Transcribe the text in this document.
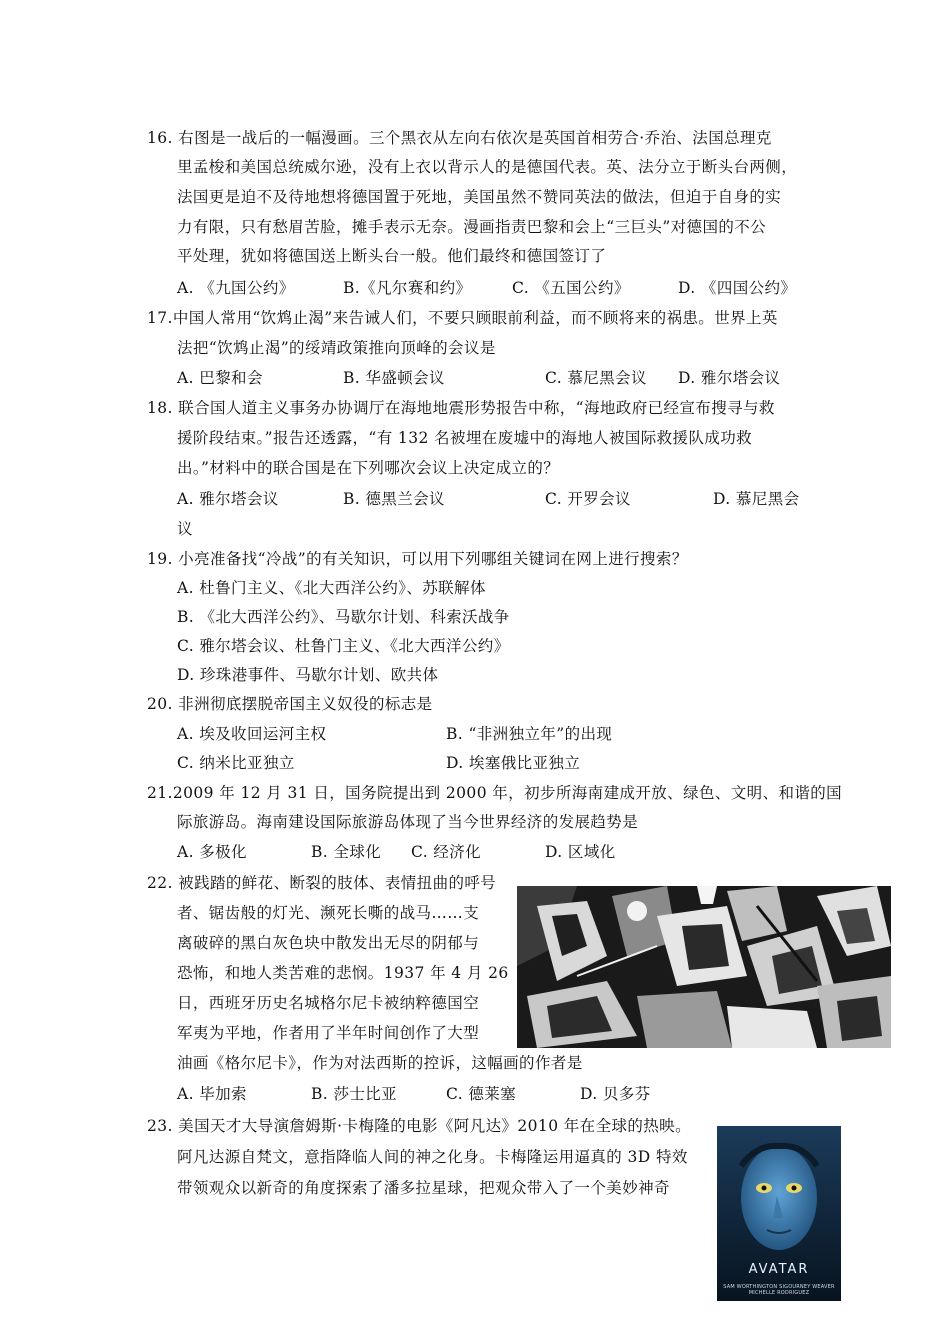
16. 右图是一战后的一幅漫画。三个黑衣从左向右依次是英国首相劳合·乔治、法国总理克
里孟梭和美国总统威尔逊，没有上衣以背示人的是德国代表。英、法分立于断头台两侧，
法国更是迫不及待地想将德国置于死地，美国虽然不赞同英法的做法，但迫于自身的实
力有限，只有愁眉苦脸，摊手表示无奈。漫画指责巴黎和会上“三巨头”对德国的不公
平处理，犹如将德国送上断头台一般。他们最终和德国签订了
A. 《九国公约》	B.《凡尔赛和约》	C. 《五国公约》	D. 《四国公约》
17.中国人常用“饮鸩止渴”来告诫人们，不要只顾眼前利益，而不顾将来的祸患。世界上英
法把“饮鸩止渴”的绥靖政策推向顶峰的会议是
A. 巴黎和会	B. 华盛顿会议	C. 慕尼黑会议 D. 雅尔塔会议
18. 联合国人道主义事务办协调厅在海地地震形势报告中称，“海地政府已经宣布搜寻与救
援阶段结束。”报告还透露，“有 132 名被埋在废墟中的海地人被国际救援队成功救
出。”材料中的联合国是在下列哪次会议上决定成立的？
A. 雅尔塔会议	B. 德黑兰会议	C. 开罗会议	D. 慕尼黑会
议
19. 小亮准备找“冷战”的有关知识，可以用下列哪组关键词在网上进行搜索？
A. 杜鲁门主义、《北大西洋公约》、苏联解体
B. 《北大西洋公约》、马歇尔计划、科索沃战争
C. 雅尔塔会议、杜鲁门主义、《北大西洋公约》
D. 珍珠港事件、马歇尔计划、欧共体
20. 非洲彻底摆脱帝国主义奴役的标志是
A. 埃及收回运河主权	B. “非洲独立年”的出现
C. 纳米比亚独立	D. 埃塞俄比亚独立
21.2009 年 12 月 31 日，国务院提出到 2000 年，初步所海南建成开放、绿色、文明、和谐的国
际旅游岛。海南建设国际旅游岛体现了当今世界经济的发展趋势是
A. 多极化	B. 全球化 C. 经济化	D. 区域化
22. 被践踏的鲜花、断裂的肢体、表情扭曲的呼号
者、锯齿般的灯光、濒死长嘶的战马……支
离破碎的黑白灰色块中散发出无尽的阴郁与
恐怖，和地人类苦难的悲悯。1937 年 4 月 26
日，西班牙历史名城格尔尼卡被纳粹德国空
军夷为平地，作者用了半年时间创作了大型
油画《格尔尼卡》，作为对法西斯的控诉，这幅画的作者是
A. 毕加索	B. 莎士比亚	C. 德莱塞	D. 贝多芬
23. 美国天才大导演詹姆斯·卡梅隆的电影《阿凡达》2010 年在全球的热映。
阿凡达源自梵文，意指降临人间的神之化身。卡梅隆运用逼真的 3D 特效
带领观众以新奇的角度探索了潘多拉星球，把观众带入了一个美妙神奇
AVATAR
SAM WORTHINGTON SIGOURNEY WEAVER MICHELLE RODRIGUEZ
